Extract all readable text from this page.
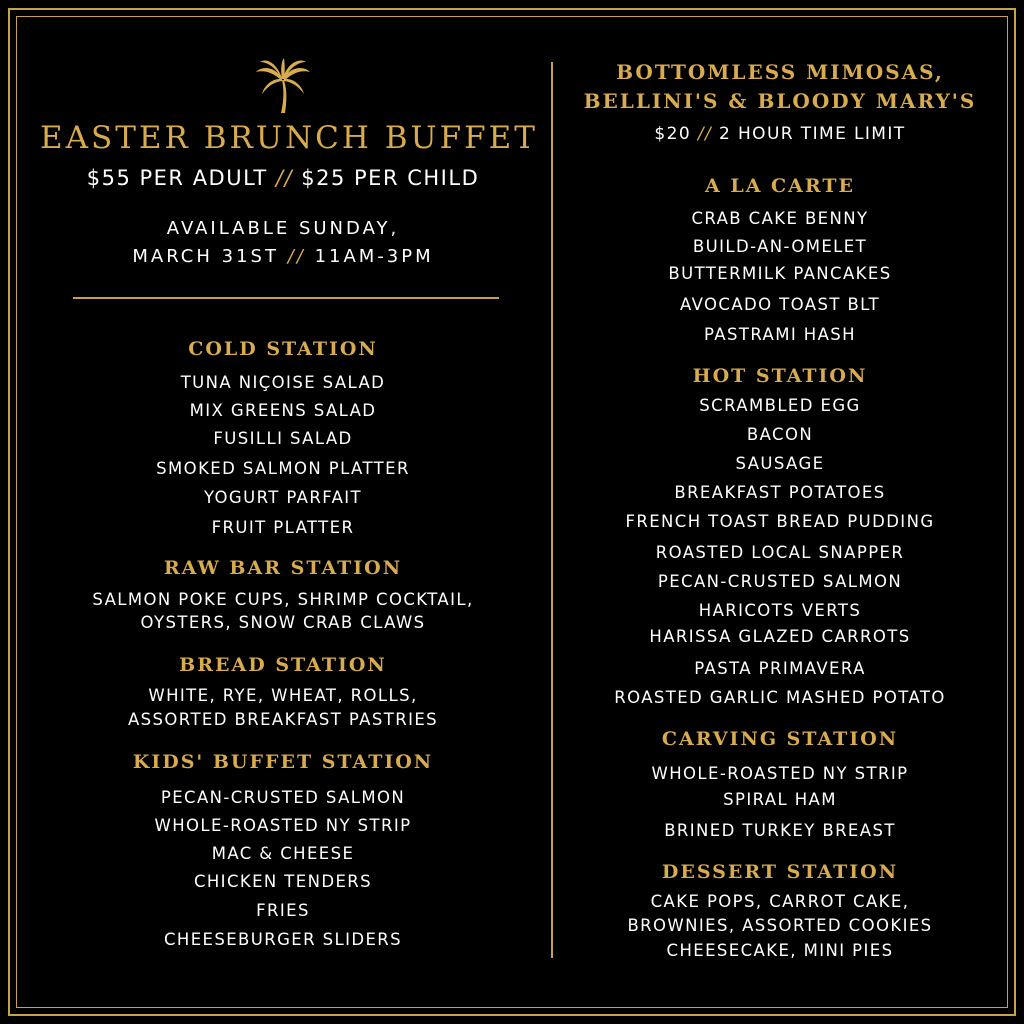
EASTER BRUNCH BUFFET
$55 PER ADULT // $25 PER CHILD
AVAILABLE SUNDAY,
MARCH 31ST // 11AM-3PM
COLD STATION
TUNA NIÇOISE SALAD
MIX GREENS SALAD
FUSILLI SALAD
SMOKED SALMON PLATTER
YOGURT PARFAIT
FRUIT PLATTER
RAW BAR STATION
SALMON POKE CUPS, SHRIMP COCKTAIL,
OYSTERS, SNOW CRAB CLAWS
BREAD STATION
WHITE, RYE, WHEAT, ROLLS,
ASSORTED BREAKFAST PASTRIES
KIDS' BUFFET STATION
PECAN-CRUSTED SALMON
WHOLE-ROASTED NY STRIP
MAC & CHEESE
CHICKEN TENDERS
FRIES
CHEESEBURGER SLIDERS
BOTTOMLESS MIMOSAS,
BELLINI'S & BLOODY MARY'S
$20 // 2 HOUR TIME LIMIT
A LA CARTE
CRAB CAKE BENNY
BUILD-AN-OMELET
BUTTERMILK PANCAKES
AVOCADO TOAST BLT
PASTRAMI HASH
HOT STATION
SCRAMBLED EGG
BACON
SAUSAGE
BREAKFAST POTATOES
FRENCH TOAST BREAD PUDDING
ROASTED LOCAL SNAPPER
PECAN-CRUSTED SALMON
HARICOTS VERTS
HARISSA GLAZED CARROTS
PASTA PRIMAVERA
ROASTED GARLIC MASHED POTATO
CARVING STATION
WHOLE-ROASTED NY STRIP
SPIRAL HAM
BRINED TURKEY BREAST
DESSERT STATION
CAKE POPS, CARROT CAKE,
BROWNIES, ASSORTED COOKIES
CHEESECAKE, MINI PIES
